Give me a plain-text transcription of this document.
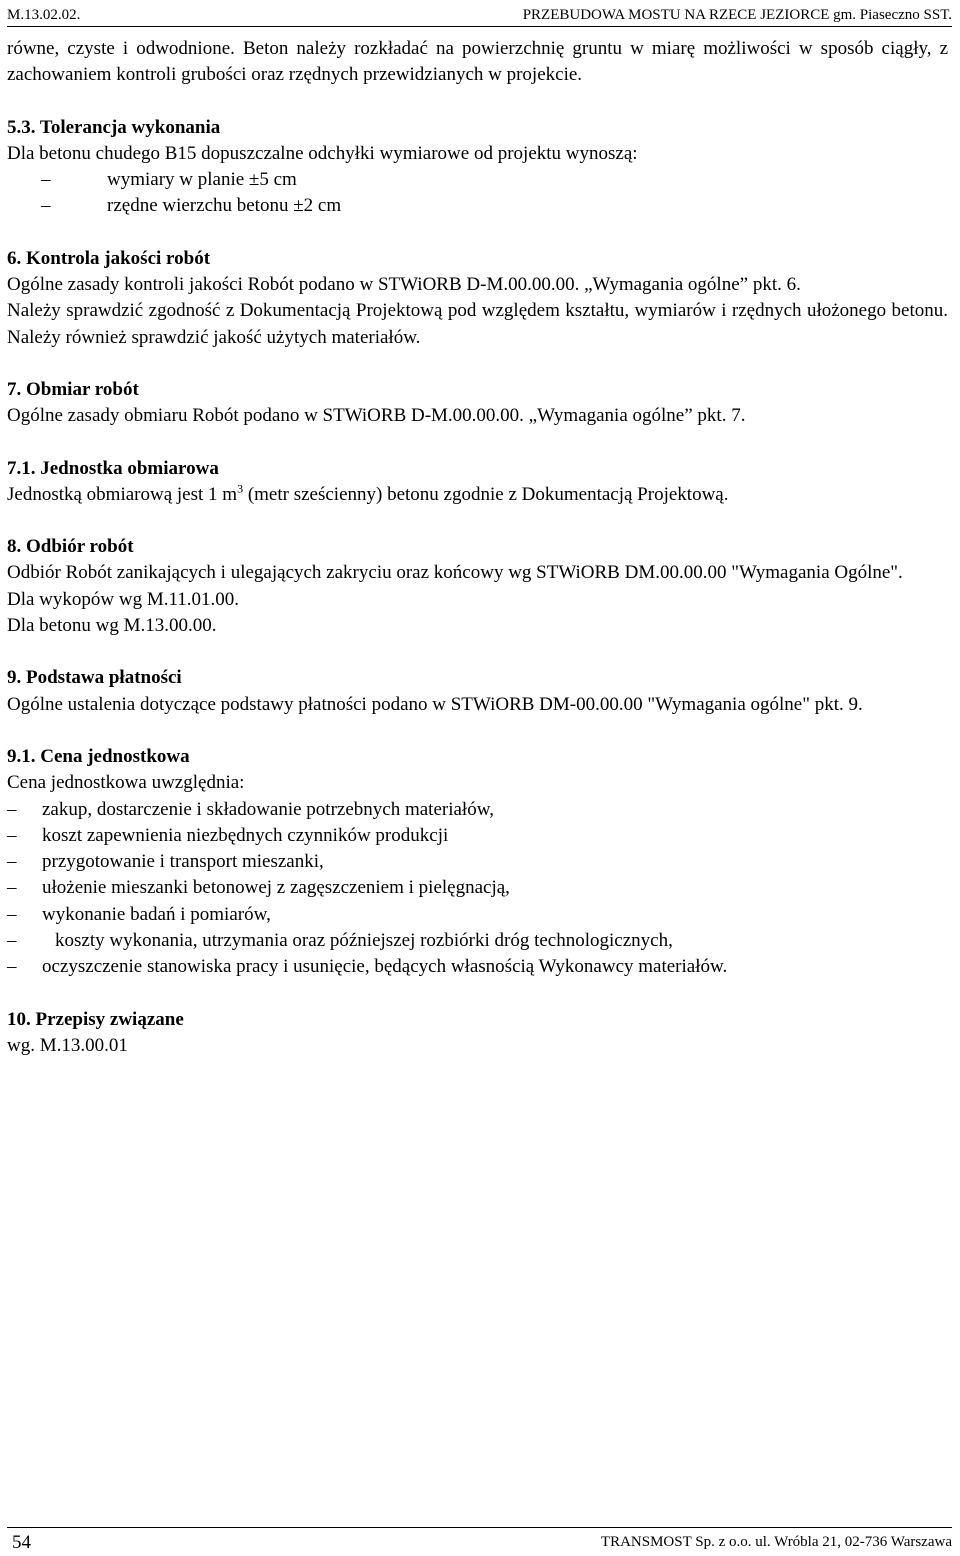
M.13.02.02.	PRZEBUDOWA MOSTU NA RZECE JEZIORCE gm. Piaseczno SST.

równe, czyste i odwodnione. Beton należy rozkładać na powierzchnię gruntu w miarę możliwości w sposób ciągły, z zachowaniem kontroli grubości oraz rzędnych przewidzianych w projekcie.

5.3. Tolerancja wykonania

Dla betonu chudego B15 dopuszczalne odchyłki wymiarowe od projektu wynoszą:

–	wymiary w planie ±5 cm

–	rzędne wierzchu betonu ±2 cm

6. Kontrola jakości robót

Ogólne zasady kontroli jakości Robót podano w STWiORB D-M.00.00.00. „Wymagania ogólne” pkt. 6.

Należy sprawdzić zgodność z Dokumentacją Projektową pod względem kształtu, wymiarów i rzędnych ułożonego betonu. Należy również sprawdzić jakość użytych materiałów.

7. Obmiar robót

Ogólne zasady obmiaru Robót podano w STWiORB D-M.00.00.00. „Wymagania ogólne” pkt. 7.

7.1. Jednostka obmiarowa

Jednostką obmiarową jest 1 $m^3$ (metr sześcienny) betonu zgodnie z Dokumentacją Projektową.

8. Odbiór robót

Odbiór Robót zanikających i ulegających zakryciu oraz końcowy wg STWiORB DM.00.00.00 "Wymagania Ogólne".

Dla wykopów wg M.11.01.00.

Dla betonu wg M.13.00.00.

9. Podstawa płatności

Ogólne ustalenia dotyczące podstawy płatności podano w STWiORB DM-00.00.00 "Wymagania ogólne" pkt. 9.

9.1. Cena jednostkowa

Cena jednostkowa uwzględnia:

– zakup, dostarczenie i składowanie potrzebnych materiałów,

– koszt zapewnienia niezbędnych czynników produkcji

– przygotowanie i transport mieszanki,

– ułożenie mieszanki betonowej z zagęszczeniem i pielęgnacją,

– wykonanie badań i pomiarów,

– koszty wykonania, utrzymania oraz późniejszej rozbiórki dróg technologicznych,

– oczyszczenie stanowiska pracy i usunięcie, będących własnością Wykonawcy materiałów.

10. Przepisy związane

wg. M.13.00.01

54	TRANSMOST Sp. z o.o. ul. Wróbla 21, 02-736 Warszawa
